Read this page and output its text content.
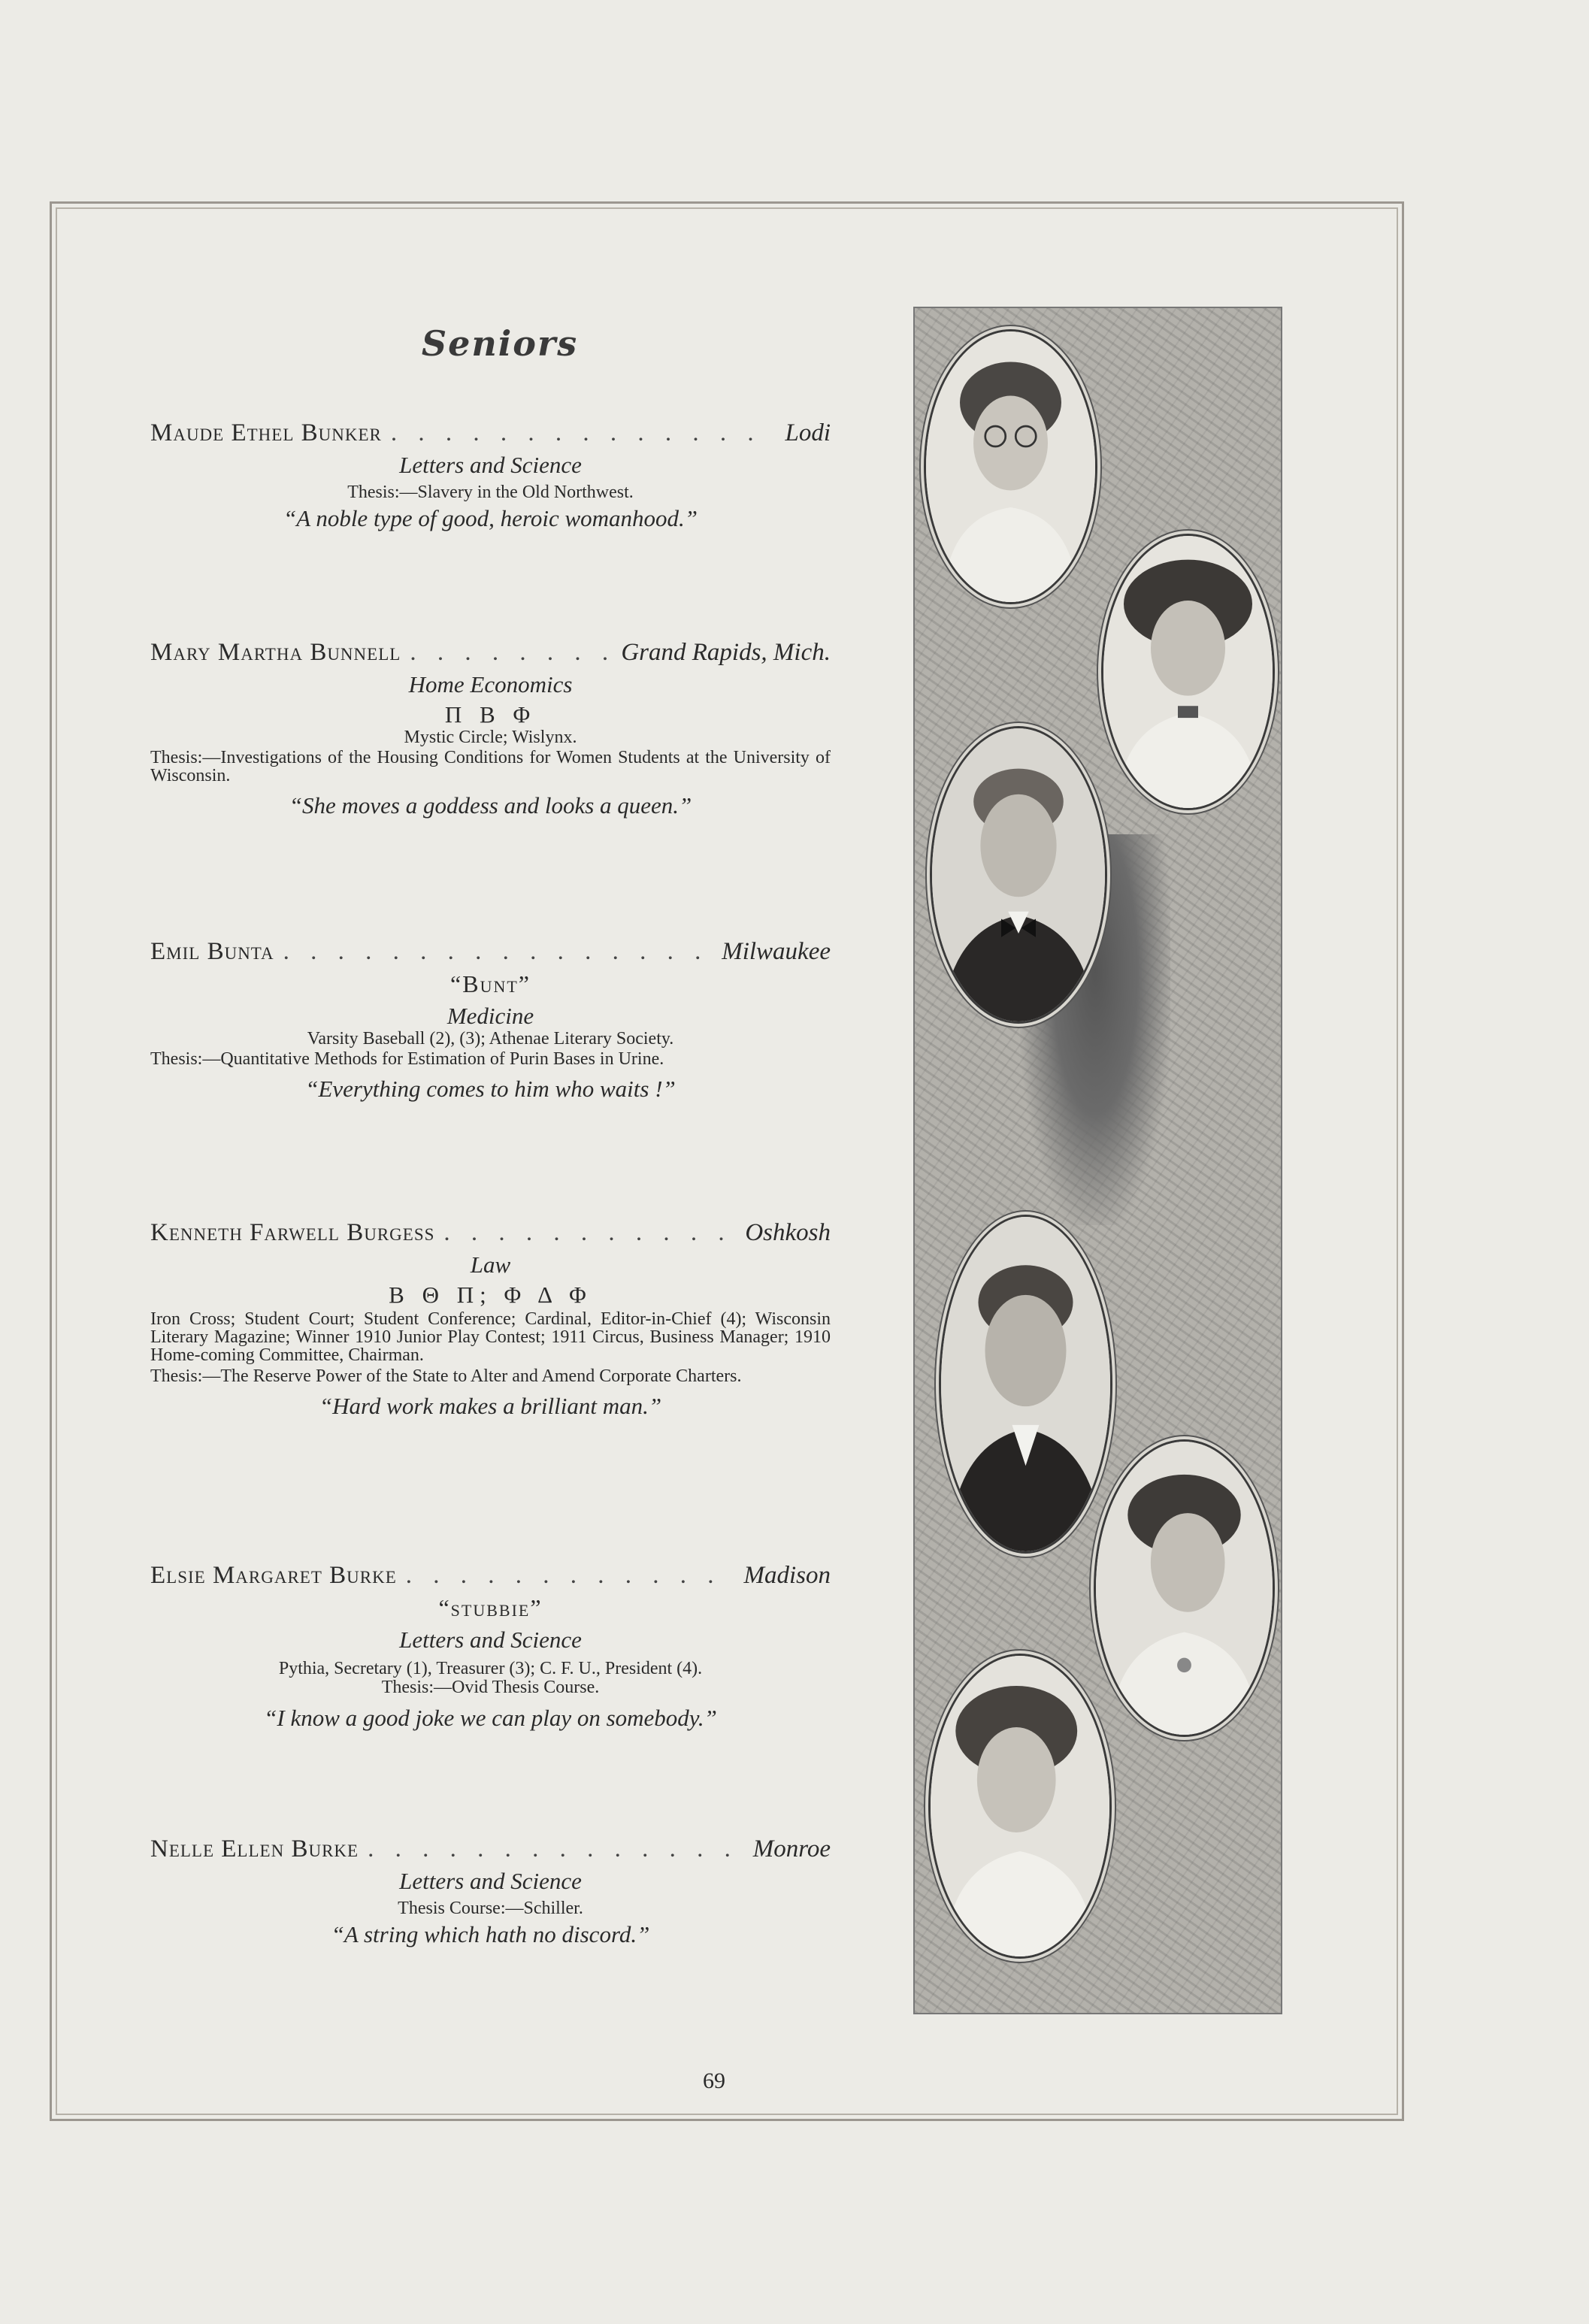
Seniors
Maude Ethel Bunker . . .	Lodi
Letters and Science
Thesis:—Slavery in the Old Northwest.
“A noble type of good, heroic womanhood.”
Mary Martha Bunnell . . .	Grand Rapids, Mich.
Home Economics
Π Β Φ
Mystic Circle; Wislynx.
Thesis:—Investigations of the Housing Conditions for Women Students at the University of Wisconsin.
“She moves a goddess and looks a queen.”
Emil Bunta . . .	Milwaukee
“Bunt”
Medicine
Varsity Baseball (2), (3); Athenae Literary Society.
Thesis:—Quantitative Methods for Estimation of Purin Bases in Urine.
“Everything comes to him who waits !”
Kenneth Farwell Burgess . . .	Oshkosh
Law
Β Θ Π; Φ Δ Φ
Iron Cross; Student Court; Student Conference; Cardinal, Editor-in-Chief (4); Wisconsin Literary Magazine; Winner 1910 Junior Play Contest; 1911 Circus, Business Manager; 1910 Home-coming Committee, Chairman.
Thesis:—The Reserve Power of the State to Alter and Amend Corporate Charters.
“Hard work makes a brilliant man.”
Elsie Margaret Burke . . .	Madison
“stubbie”
Letters and Science
Pythia, Secretary (1), Treasurer (3); C. F. U., President (4).
Thesis:—Ovid Thesis Course.
“I know a good joke we can play on somebody.”
Nelle Ellen Burke . . .	Monroe
Letters and Science
Thesis Course:—Schiller.
“A string which hath no discord.”
69
